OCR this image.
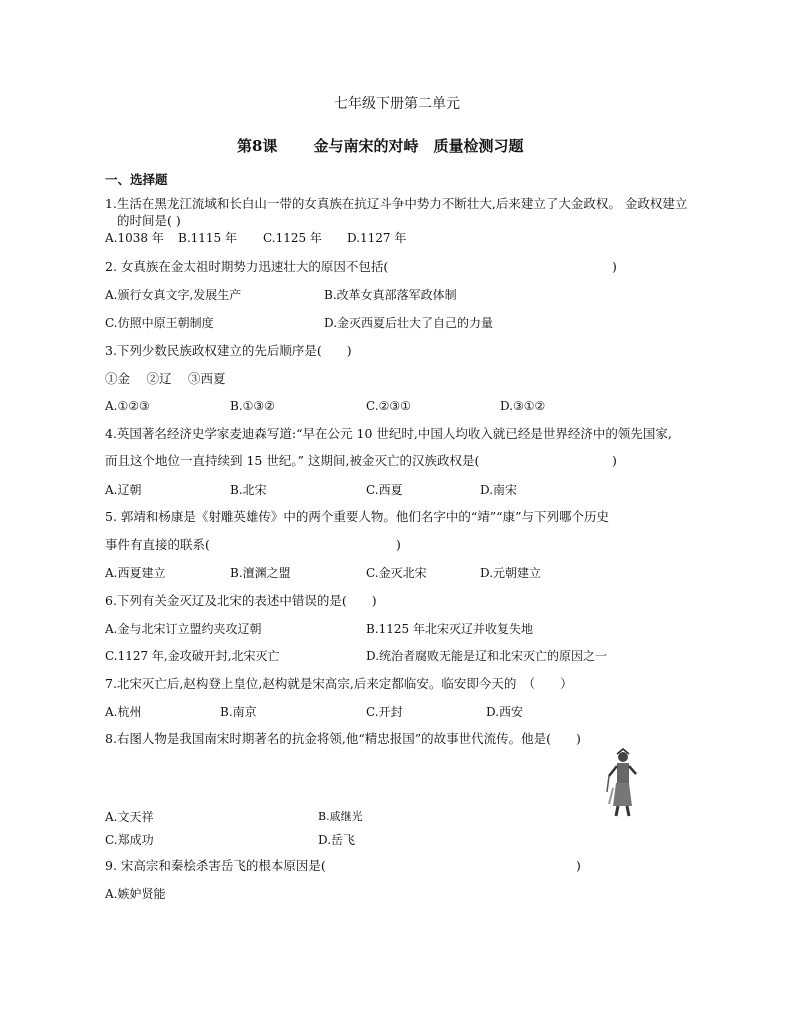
七年级下册第二单元
第8课 金与南宋的对峙　质量检测习题
一、选择题
1.生活在黑龙江流域和长白山一带的女真族在抗辽斗争中势力不断壮大,后来建立了大金政权。 金政权建立
的时间是( )
A.1038 年 B.1115 年 C.1125 年 D.1127 年
2. 女真族在金太祖时期势力迅速壮大的原因不包括(	)
A.颁行女真文字,发展生产	B.改革女真部落军政体制
C.仿照中原王朝制度	D.金灭西夏后壮大了自己的力量
3.下列少数民族政权建立的先后顺序是(　　)
①金　 ②辽　 ③西夏
A.①②③	B.①③②	C.②③①	D.③①②
4.英国著名经济史学家麦迪森写道:“早在公元 10 世纪时,中国人均收入就已经是世界经济中的领先国家,
而且这个地位一直持续到 15 世纪。” 这期间,被金灭亡的汉族政权是(	)
A.辽朝	B.北宋	C.西夏	D.南宋
5. 郭靖和杨康是《射雕英雄传》中的两个重要人物。他们名字中的“靖”“康”与下列哪个历史
事件有直接的联系(	)
A.西夏建立	B.澶渊之盟	C.金灭北宋	D.元朝建立
6.下列有关金灭辽及北宋的表述中错误的是(　　)
A.金与北宋订立盟约夹攻辽朝	B.1125 年北宋灭辽并收复失地
C.1127 年,金攻破开封,北宋灭亡	D.统治者腐败无能是辽和北宋灭亡的原因之一
7.北宋灭亡后,赵构登上皇位,赵构就是宋高宗,后来定都临安。临安即今天的　（　　）
A.杭州	B.南京	C.开封	D.西安
8.右图人物是我国南宋时期著名的抗金将领,他“精忠报国”的故事世代流传。他是(　　)
A.文天祥	B.戚继光
C.郑成功	D.岳飞
9. 宋高宗和秦桧杀害岳飞的根本原因是(	)
A.嫉妒贤能
